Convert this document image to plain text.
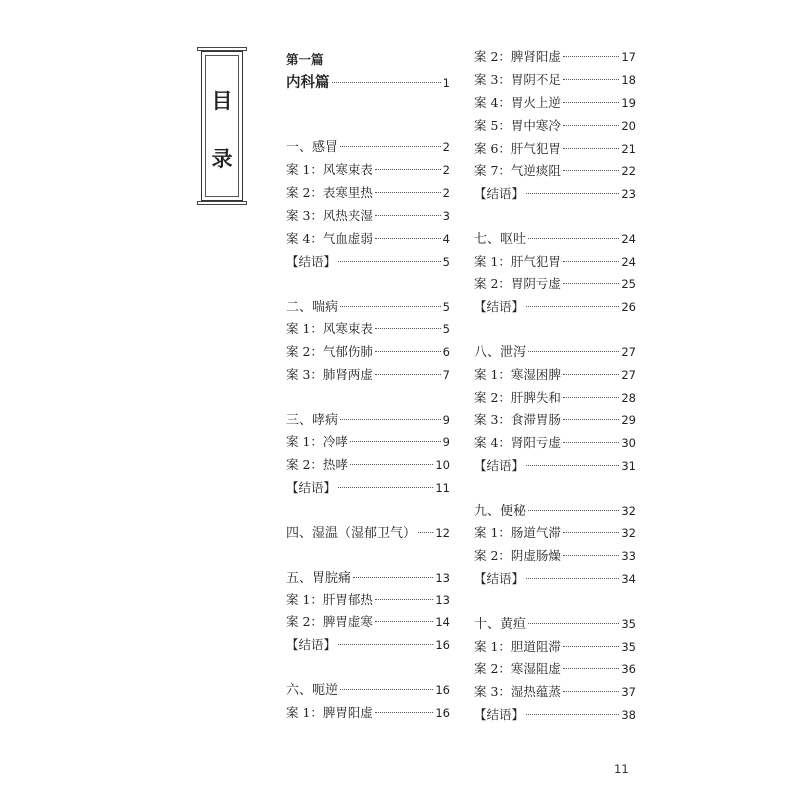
目
录
第一篇
内科篇	1
一、感冒	2
案 1：风寒束表	2
案 2：表寒里热	2
案 3：风热夹湿	3
案 4：气血虚弱	4
【结语】	5
二、喘病	5
案 1：风寒束表	5
案 2：气郁伤肺	6
案 3：肺肾两虚	7
三、哮病	9
案 1：冷哮	9
案 2：热哮	10
【结语】	11
四、湿温（湿郁卫气） 12
五、胃脘痛	13
案 1：肝胃郁热	13
案 2：脾胃虚寒	14
【结语】	16
六、呃逆	16
案 1：脾胃阳虚	16
案 2：脾肾阳虚	17
案 3：胃阴不足	18
案 4：胃火上逆	19
案 5：胃中寒冷	20
案 6：肝气犯胃	21
案 7：气逆痰阻	22
【结语】	23
七、呕吐	24
案 1：肝气犯胃	24
案 2：胃阴亏虚	25
【结语】	26
八、泄泻	27
案 1：寒湿困脾	27
案 2：肝脾失和	28
案 3：食滞胃肠	29
案 4：肾阳亏虚	30
【结语】	31
九、便秘	32
案 1：肠道气滞	32
案 2：阴虚肠燥	33
【结语】	34
十、黄疸	35
案 1：胆道阻滞	35
案 2：寒湿阻虚	36
案 3：湿热蕴蒸	37
【结语】	38
11
